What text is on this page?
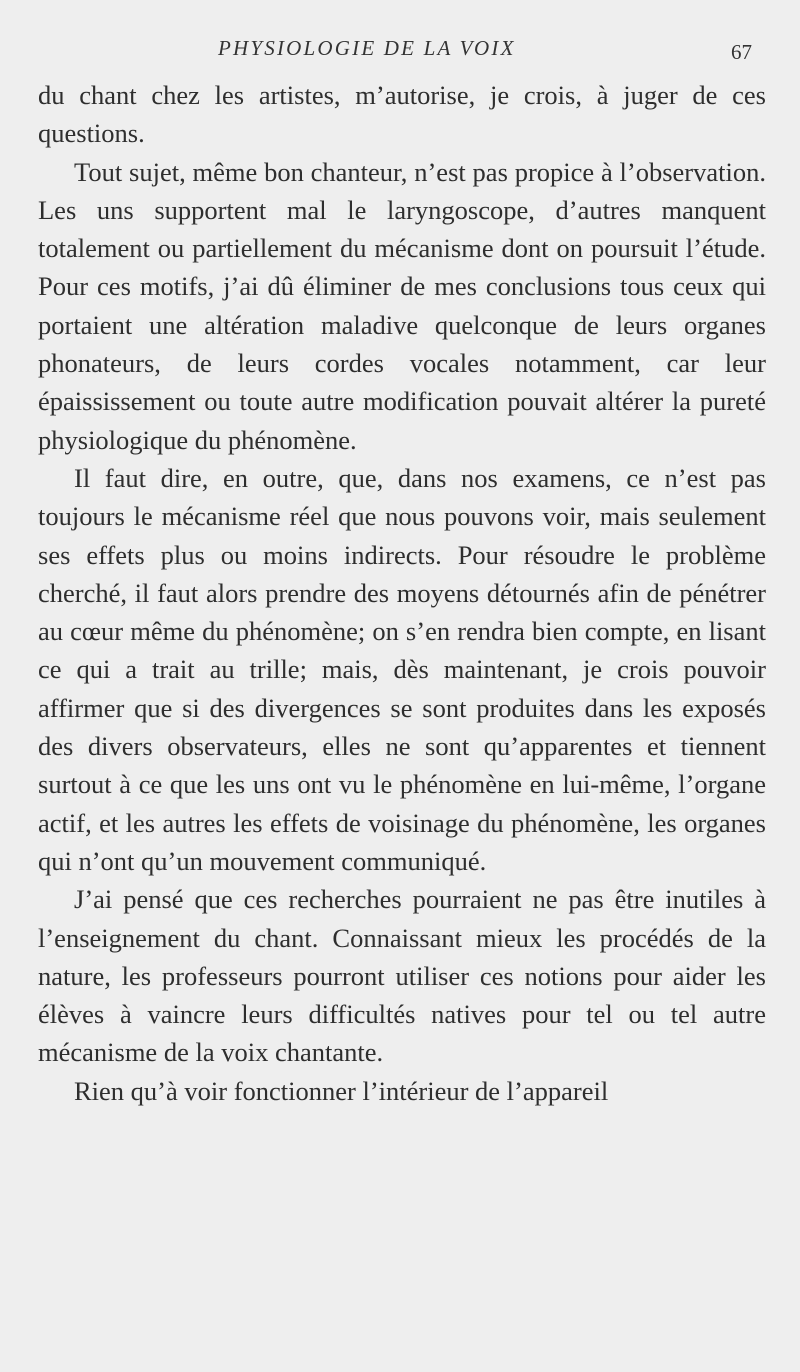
PHYSIOLOGIE DE LA VOIX	67

du chant chez les artistes, m’autorise, je crois, à juger de ces questions.

Tout sujet, même bon chanteur, n’est pas propice à l’observation. Les uns supportent mal le laryngoscope, d’autres manquent totalement ou partiellement du mécanisme dont on poursuit l’étude. Pour ces motifs, j’ai dû éliminer de mes conclusions tous ceux qui portaient une altération maladive quelconque de leurs organes phonateurs, de leurs cordes vocales notamment, car leur épaississement ou toute autre modification pouvait altérer la pureté physiologique du phénomène.

Il faut dire, en outre, que, dans nos examens, ce n’est pas toujours le mécanisme réel que nous pouvons voir, mais seulement ses effets plus ou moins indirects. Pour résoudre le problème cherché, il faut alors prendre des moyens détournés afin de pénétrer au cœur même du phénomène; on s’en rendra bien compte, en lisant ce qui a trait au trille; mais, dès maintenant, je crois pouvoir affirmer que si des divergences se sont produites dans les exposés des divers observateurs, elles ne sont qu’apparentes et tiennent surtout à ce que les uns ont vu le phénomène en lui-même, l’organe actif, et les autres les effets de voisinage du phénomène, les organes qui n’ont qu’un mouvement communiqué.

J’ai pensé que ces recherches pourraient ne pas être inutiles à l’enseignement du chant. Connaissant mieux les procédés de la nature, les professeurs pourront utiliser ces notions pour aider les élèves à vaincre leurs difficultés natives pour tel ou tel autre mécanisme de la voix chantante.

Rien qu’à voir fonctionner l’intérieur de l’appareil
